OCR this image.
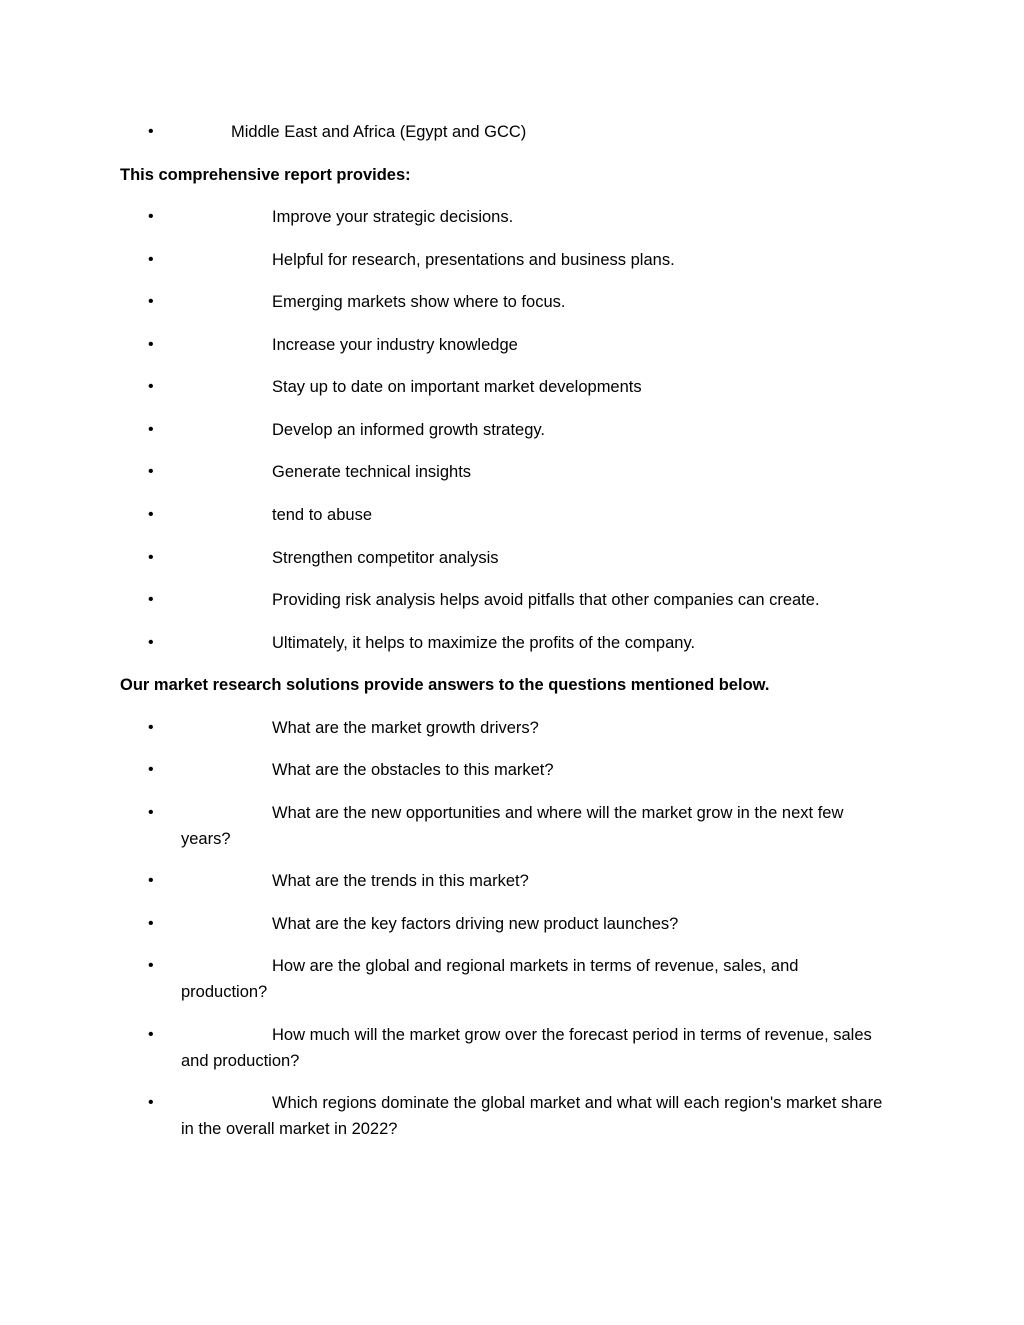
•
Middle East and Africa (Egypt and GCC)
This comprehensive report provides:
•
Improve your strategic decisions.
•
Helpful for research, presentations and business plans.
•
Emerging markets show where to focus.
•
Increase your industry knowledge
•
Stay up to date on important market developments
•
Develop an informed growth strategy.
•
Generate technical insights
•
tend to abuse
•
Strengthen competitor analysis
•
Providing risk analysis helps avoid pitfalls that other companies can create.
•
Ultimately, it helps to maximize the profits of the company.
Our market research solutions provide answers to the questions mentioned below.
•
What are the market growth drivers?
•
What are the obstacles to this market?
•
What are the new opportunities and where will the market grow in the next few
years?
•
What are the trends in this market?
•
What are the key factors driving new product launches?
•
How are the global and regional markets in terms of revenue, sales, and
production?
•
How much will the market grow over the forecast period in terms of revenue, sales
and production?
•
Which regions dominate the global market and what will each region's market share
in the overall market in 2022?
